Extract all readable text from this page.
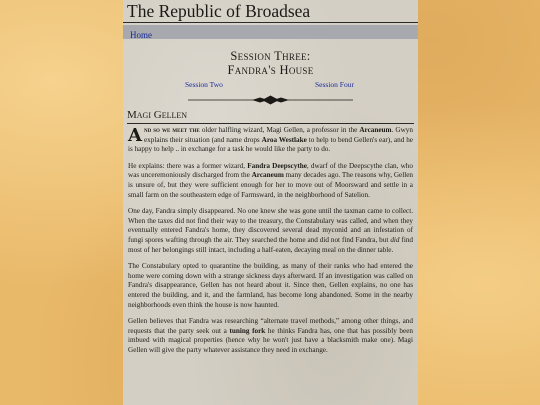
The Republic of Broadsea
Home
Session Three:
Fandra's House
Session Two	Session Four
Magi Gellen

And so we meet the older halfling wizard, Magi Gellen, a professor in the Arcaneum. Gwyn explains their situation (and name drops Aroa Westlake to help to bend Gellen's ear), and he is happy to help .. in exchange for a task he would like the party to do.

He explains: there was a former wizard, Fandra Deepscythe, dwarf of the Deepscythe clan, who was unceremoniously discharged from the Arcaneum many decades ago. The reasons why, Gellen is unsure of, but they were sufficient enough for her to move out of Moorsward and settle in a small farm on the southeastern edge of Farmsward, in the neighborhood of Satelion.

One day, Fandra simply disappeared. No one knew she was gone until the taxman came to collect. When the taxes did not find their way to the treasury, the Constabulary was called, and when they eventually entered Fandra's home, they discovered several dead myconid and an infestation of fungi spores wafting through the air. They searched the home and did not find Fandra, but did find most of her belongings still intact, including a half-eaten, decaying meal on the dinner table.

The Constabulary opted to quarantine the building, as many of their ranks who had entered the home were coming down with a strange sickness days afterward. If an investigation was called on Fandra's disappearance, Gellen has not heard about it. Since then, Gellen explains, no one has entered the building, and it, and the farmland, has become long abandoned. Some in the nearby neighborhoods even think the house is now haunted.

Gellen believes that Fandra was researching “alternate travel methods,” among other things, and requests that the party seek out a tuning fork he thinks Fandra has, one that has possibly been imbued with magical properties (hence why he won't just have a blacksmith make one). Magi Gellen will give the party whatever assistance they need in exchange.
